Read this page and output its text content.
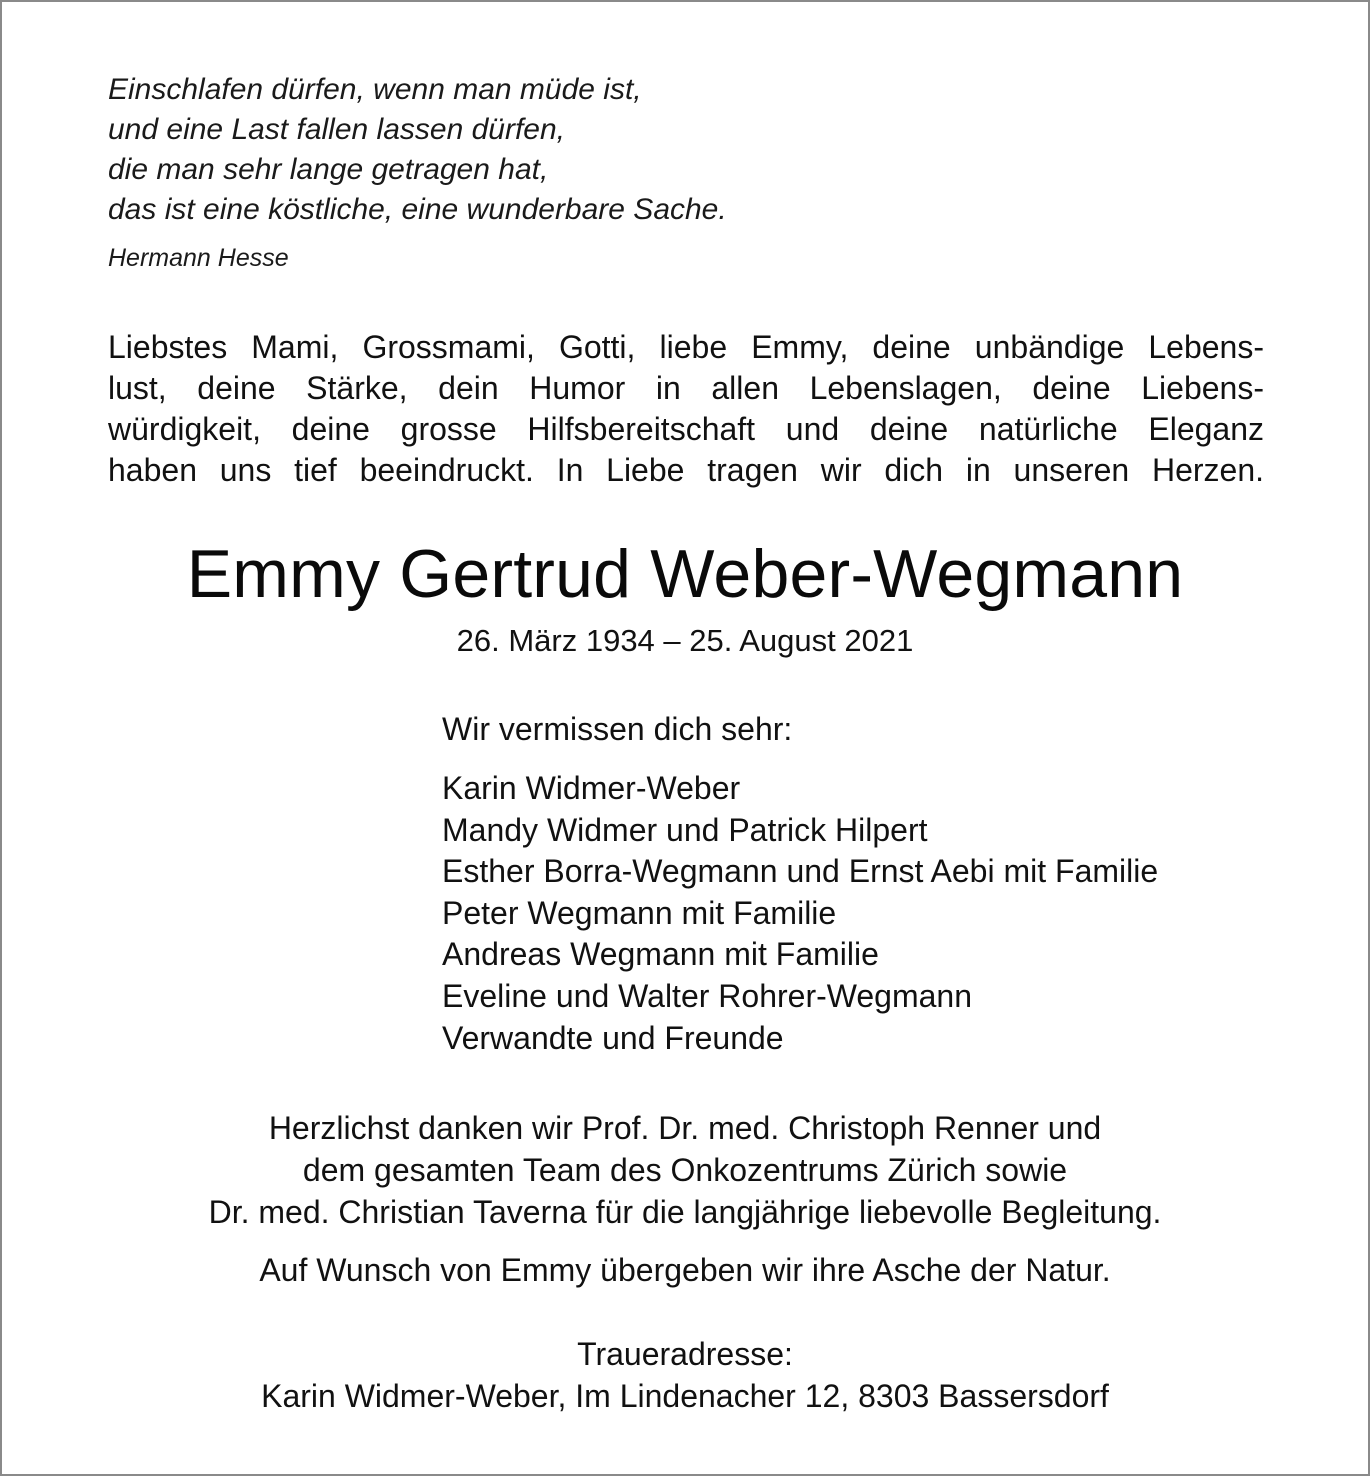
Einschlafen dürfen, wenn man müde ist,
und eine Last fallen lassen dürfen,
die man sehr lange getragen hat,
das ist eine köstliche, eine wunderbare Sache.
Hermann Hesse
Liebstes Mami, Grossmami, Gotti, liebe Emmy, deine unbändige Lebens-
lust, deine Stärke, dein Humor in allen Lebenslagen, deine Liebens-
würdigkeit, deine grosse Hilfsbereitschaft und deine natürliche Eleganz
haben uns tief beeindruckt. In Liebe tragen wir dich in unseren Herzen.
Emmy Gertrud Weber-Wegmann
26. März 1934 – 25. August 2021
Wir vermissen dich sehr:
Karin Widmer-Weber
Mandy Widmer und Patrick Hilpert
Esther Borra-Wegmann und Ernst Aebi mit Familie
Peter Wegmann mit Familie
Andreas Wegmann mit Familie
Eveline und Walter Rohrer-Wegmann
Verwandte und Freunde
Herzlichst danken wir Prof. Dr. med. Christoph Renner und
dem gesamten Team des Onkozentrums Zürich sowie
Dr. med. Christian Taverna für die langjährige liebevolle Begleitung.
Auf Wunsch von Emmy übergeben wir ihre Asche der Natur.
Traueradresse:
Karin Widmer-Weber, Im Lindenacher 12, 8303 Bassersdorf
